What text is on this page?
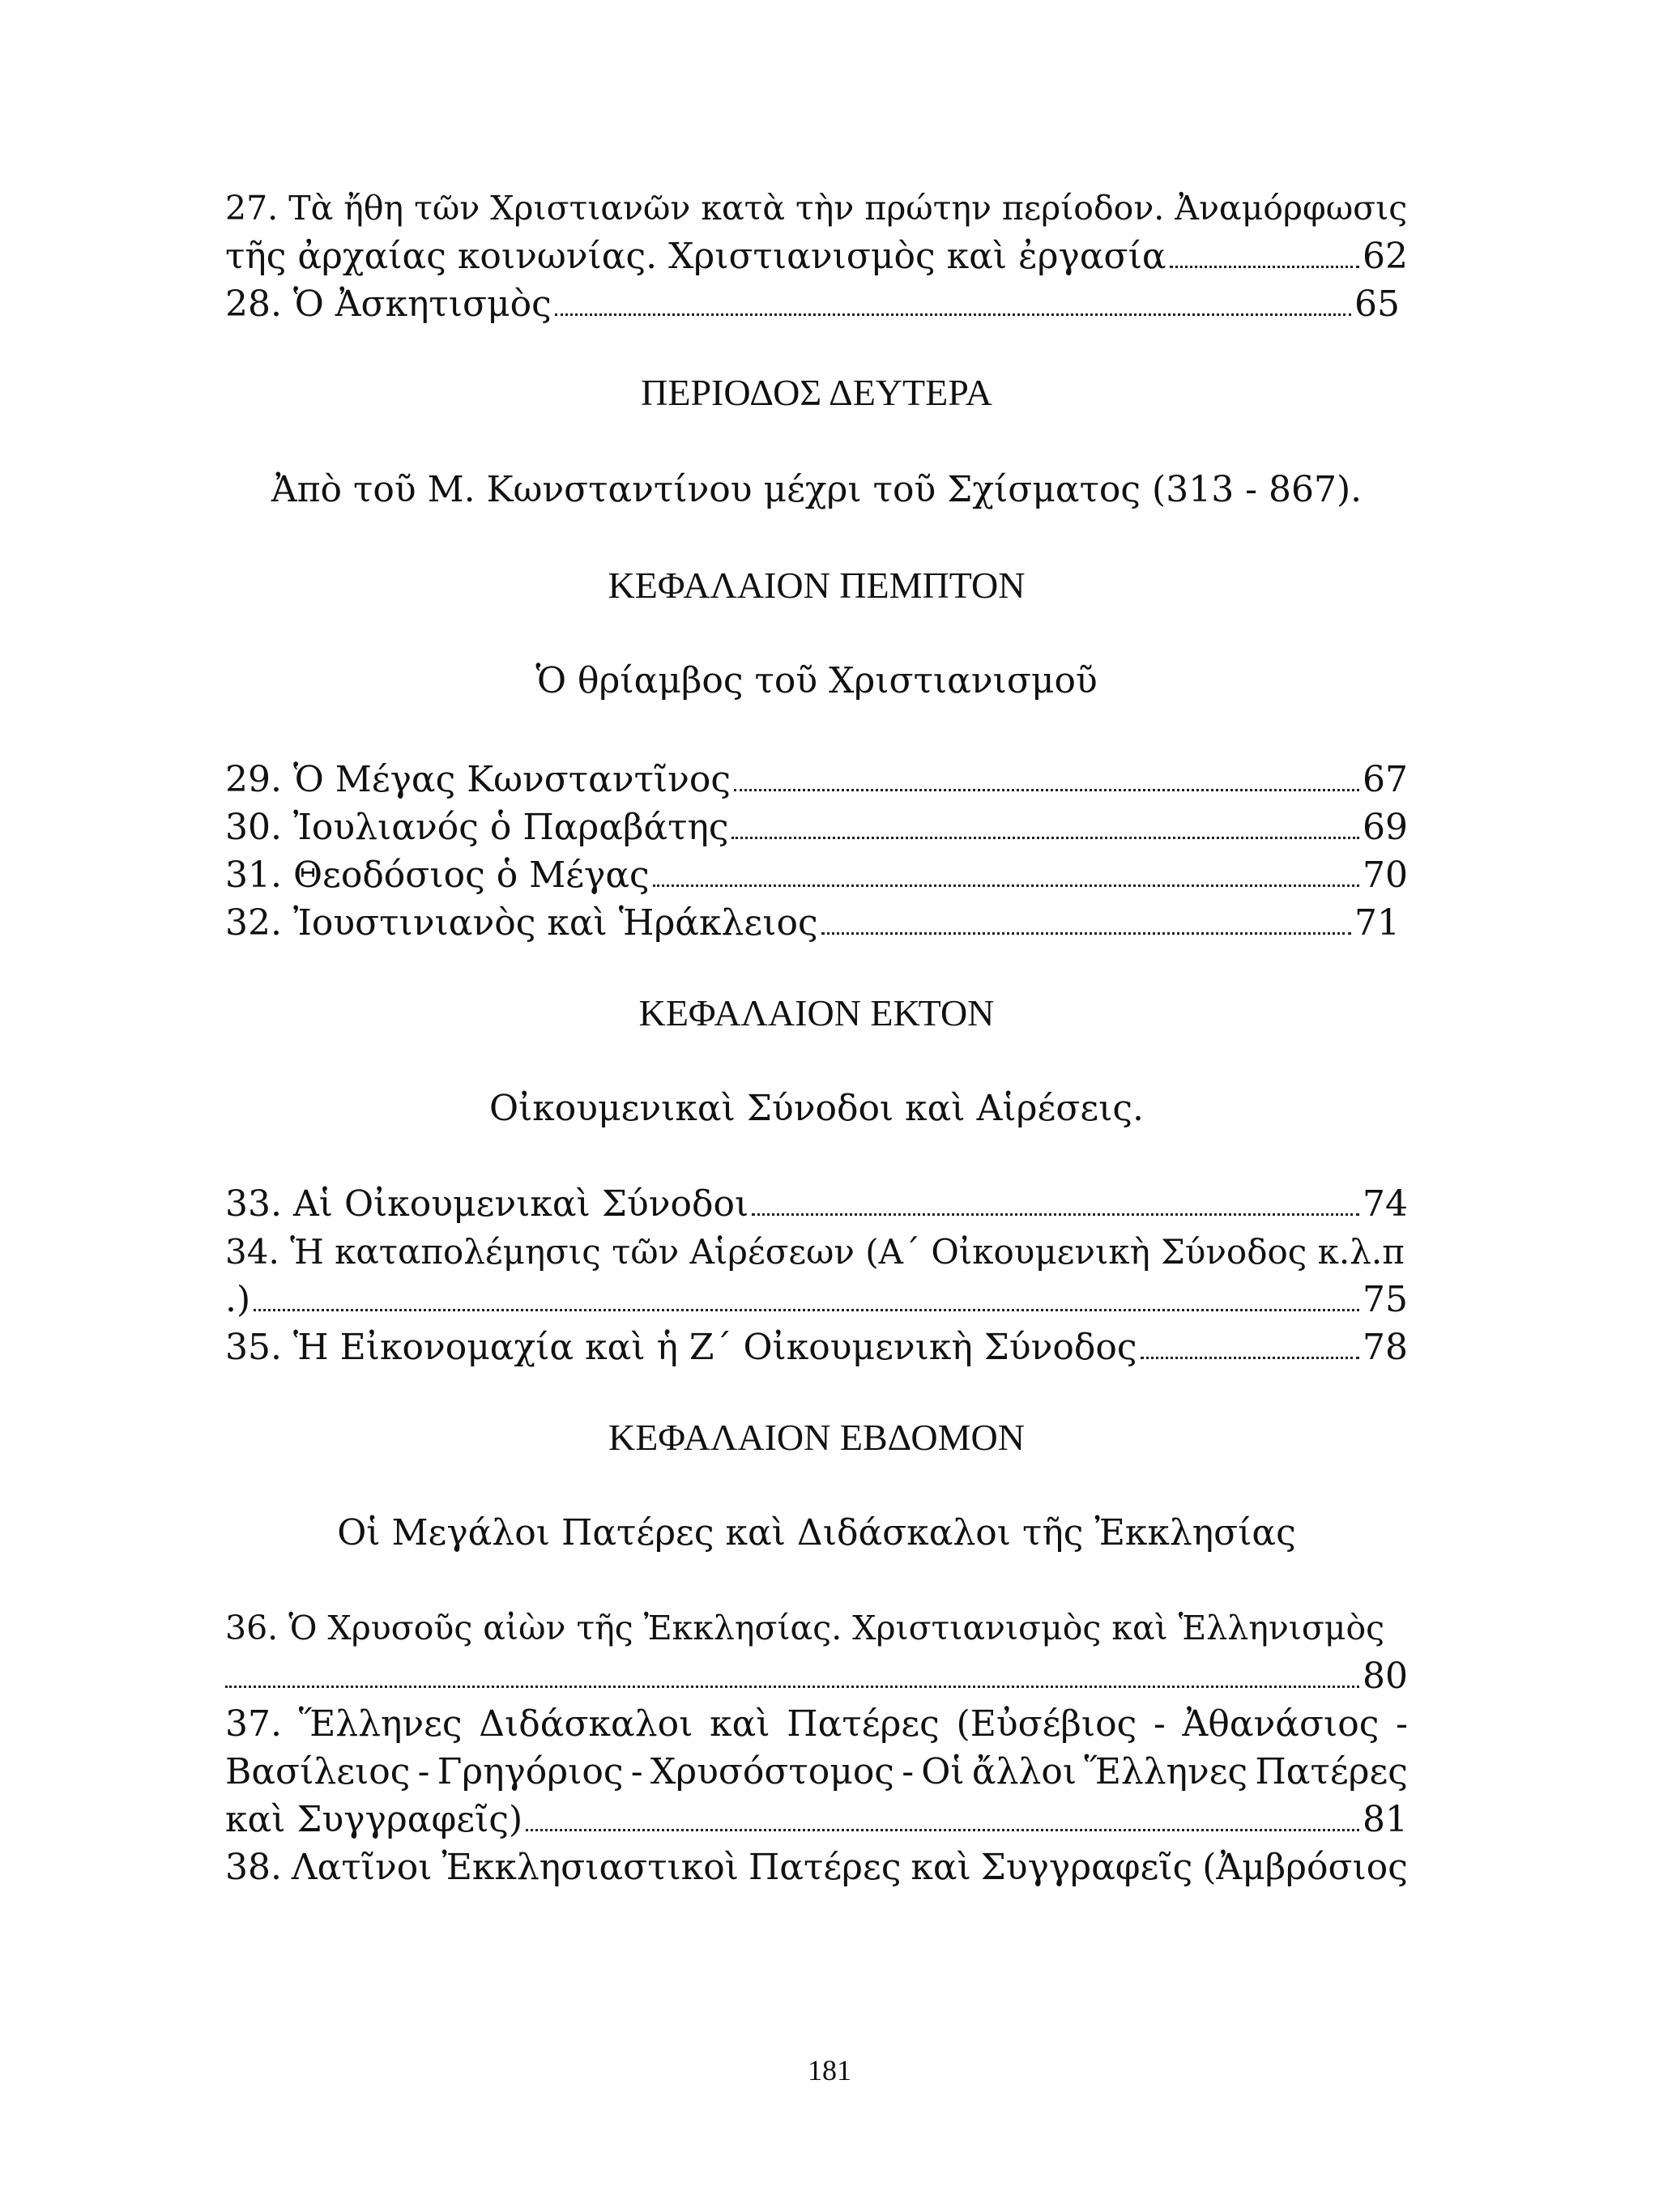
27. Τὰ ἤθη τῶν Χριστιανῶν κατὰ τὴν πρώτην περίοδον. Ἀναμόρφωσις
τῆς ἀρχαίας κοινωνίας. Χριστιανισμὸς καὶ ἐργασία	62
28. Ὁ Ἀσκητισμὸς	65
ΠΕΡΙΟΔΟΣ ΔΕΥΤΕΡΑ
Ἀπὸ τοῦ Μ. Κωνσταντίνου μέχρι τοῦ Σχίσματος (313 - 867).
ΚΕΦΑΛΑΙΟΝ ΠΕΜΠΤΟΝ
Ὁ θρίαμβος τοῦ Χριστιανισμοῦ
29. Ὁ Μέγας Κωνσταντῖνος	67
30. Ἰουλιανός ὁ Παραβάτης	69
31. Θεοδόσιος ὁ Μέγας	70
32. Ἰουστινιανὸς καὶ Ἡράκλειος	71
ΚΕΦΑΛΑΙΟΝ ΕΚΤΟΝ
Οἰκουμενικαὶ Σύνοδοι καὶ Αἱρέσεις.
33. Αἱ Οἰκουμενικαὶ Σύνοδοι	74
34. Ἡ καταπολέμησις τῶν Αἱρέσεων (Α΄ Οἰκουμενικὴ Σύνοδος κ.λ.π
.)	75
35. Ἡ Εἰκονομαχία καὶ ἡ Ζ΄ Οἰκουμενικὴ Σύνοδος	78
ΚΕΦΑΛΑΙΟΝ ΕΒΔΟΜΟΝ
Οἱ Μεγάλοι Πατέρες καὶ Διδάσκαλοι τῆς Ἐκκλησίας
36. Ὁ Χρυσοῦς αἰὼν τῆς Ἐκκλησίας. Χριστιανισμὸς καὶ Ἑλληνισμὸς
80
37. Ἕλληνες Διδάσκαλοι καὶ Πατέρες (Εὐσέβιος - Ἀθανάσιος -
Βασίλειος - Γρηγόριος - Χρυσόστομος - Οἱ ἄλλοι Ἕλληνες Πατέρες
καὶ Συγγραφεῖς)	81
38. Λατῖνοι Ἐκκλησιαστικοὶ Πατέρες καὶ Συγγραφεῖς (Ἀμβρόσιος
181
